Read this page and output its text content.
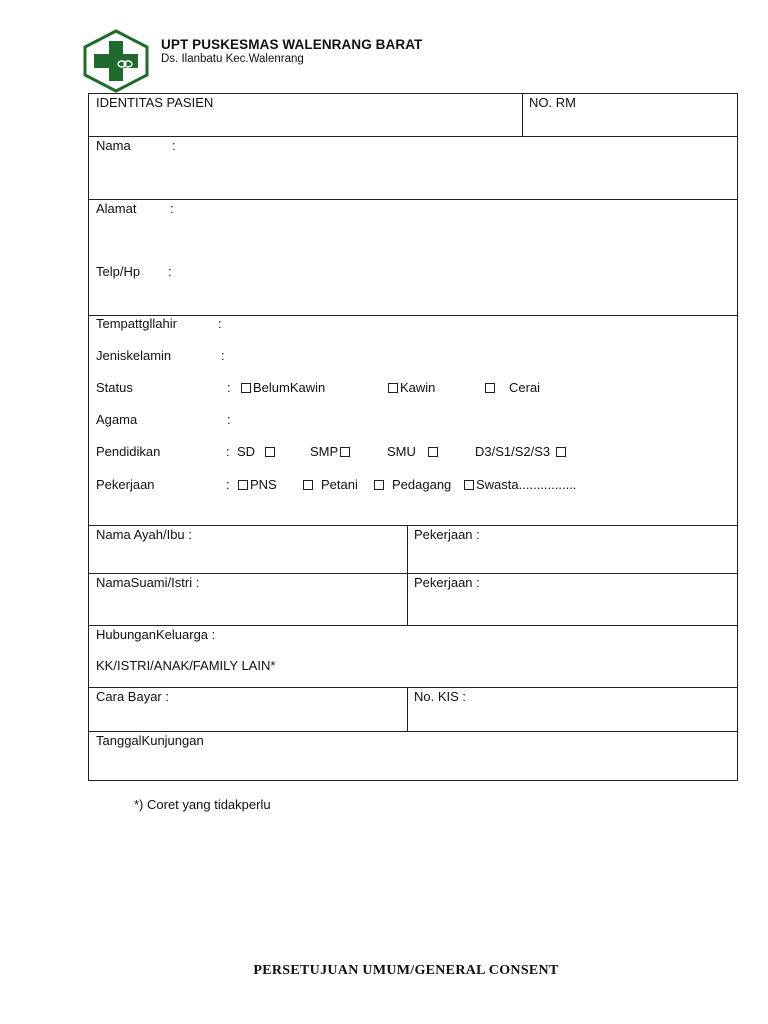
UPT PUSKESMAS WALENRANG BARAT
Ds. Ilanbatu Kec.Walenrang
IDENTITAS PASIEN	NO. RM
Nama	:
Alamat	:
Telp/Hp :
Tempattgllahir	:
Jeniskelamin	:
Status	:	BelumKawin	Kawin	Cerai
Agama	:
Pendidikan	: SD	SMP	SMU	D3/S1/S2/S3
Pekerjaan	:	PNS	Petani	Pedagang	Swasta................
Nama Ayah/Ibu :	Pekerjaan :
NamaSuami/Istri :	Pekerjaan :
HubunganKeluarga :
KK/ISTRI/ANAK/FAMILY LAIN*
Cara Bayar :	No. KIS :
TanggalKunjungan
*) Coret yang tidakperlu
PERSETUJUAN UMUM/GENERAL CONSENT
